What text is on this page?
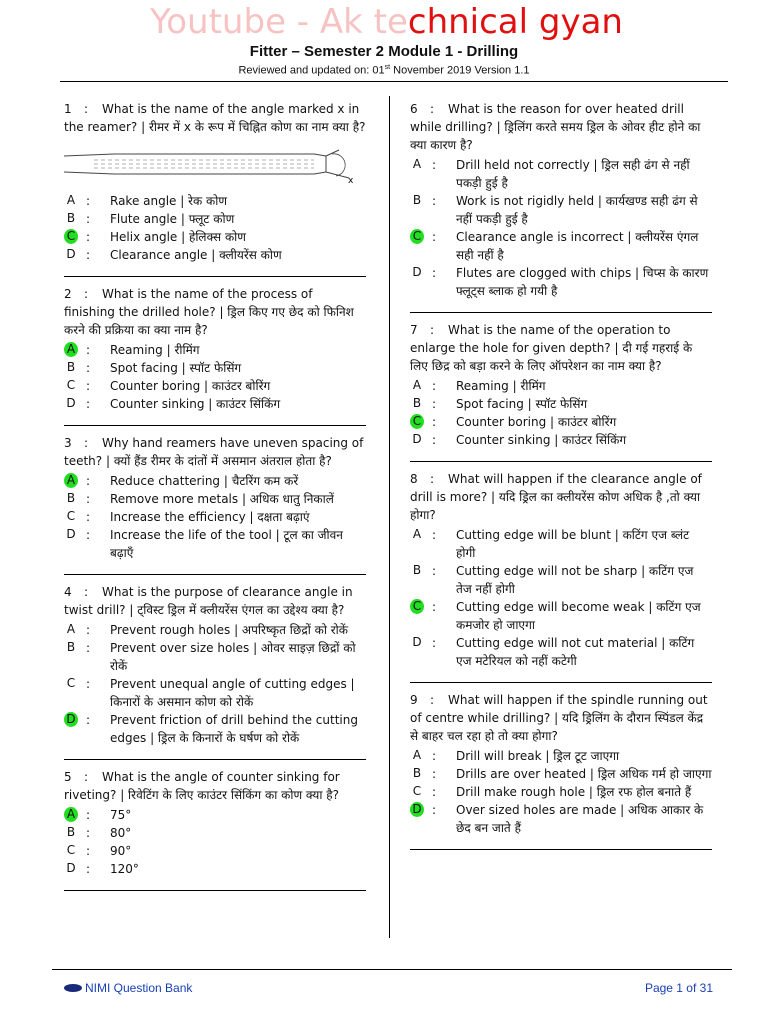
Youtube - Ak technical gyan
Fitter – Semester 2 Module 1 - Drilling
Reviewed and updated on: 01st November 2019 Version 1.1
1 : What is the name of the angle marked x in the reamer? | रीमर में x के रूप में चिह्नित कोण का नाम क्या है?
x
A :	Rake angle | रेक कोण
B :	Flute angle | फ्लूट कोण
C :	Helix angle | हेलिक्स कोण
D :	Clearance angle | क्लीयरेंस कोण
2 : What is the name of the process of finishing the drilled hole? | ड्रिल किए गए छेद को फिनिश करने की प्रक्रिया का क्या नाम है?
A :	Reaming | रीमिंग
B :	Spot facing | स्पॉट फेसिंग
C :	Counter boring | काउंटर बोरिंग
D :	Counter sinking | काउंटर सिंकिंग
3 : Why hand reamers have uneven spacing of teeth? | क्यों हैंड रीमर के दांतों में असमान अंतराल होता है?
A :	Reduce chattering | चैटरिंग कम करें
B :	Remove more metals | अधिक धातु निकालें
C :	Increase the efficiency | दक्षता बढ़ाएं
D :	Increase the life of the tool | टूल का जीवन बढ़ाएँ
4 : What is the purpose of clearance angle in twist drill? | ट्विस्ट ड्रिल में क्लीयरेंस एंगल का उद्देश्य क्या है?
A :	Prevent rough holes | अपरिष्कृत छिद्रों को रोकें
B :	Prevent over size holes | ओवर साइज़ छिद्रों को रोकें
C :	Prevent unequal angle of cutting edges | किनारों के असमान कोण को रोकें
D :	Prevent friction of drill behind the cutting edges | ड्रिल के किनारों के घर्षण को रोकें
5 : What is the angle of counter sinking for riveting? | रिवेटिंग के लिए काउंटर सिंकिंग का कोण क्या है?
A :	75°
B :	80°
C :	90°
D :	120°
6 : What is the reason for over heated drill while drilling? | ड्रिलिंग करते समय ड्रिल के ओवर हीट होने का क्या कारण है?
A :	Drill held not correctly | ड्रिल सही ढंग से नहीं पकड़ी हुई है
B :	Work is not rigidly held | कार्यखण्ड सही ढंग से नहीं पकड़ी हुई है
C :	Clearance angle is incorrect | क्लीयरेंस एंगल सही नहीं है
D :	Flutes are clogged with chips | चिप्स के कारण फ्लूट्स ब्लाक हो गयी है
7 : What is the name of the operation to enlarge the hole for given depth? | दी गई गहराई के लिए छिद्र को बड़ा करने के लिए ऑपरेशन का नाम क्या है?
A :	Reaming | रीमिंग
B :	Spot facing | स्पॉट फेसिंग
C :	Counter boring | काउंटर बोरिंग
D :	Counter sinking | काउंटर सिंकिंग
8 : What will happen if the clearance angle of drill is more? | यदि ड्रिल का क्लीयरेंस कोण अधिक है ,तो क्या होगा?
A :	Cutting edge will be blunt | कटिंग एज ब्लंट होगी
B :	Cutting edge will not be sharp | कटिंग एज तेज नहीं होगी
C :	Cutting edge will become weak | कटिंग एज कमजोर हो जाएगा
D :	Cutting edge will not cut material | कटिंग एज मटेरियल को नहीं कटेगी
9 : What will happen if the spindle running out of centre while drilling? | यदि ड्रिलिंग के दौरान स्पिंडल केंद्र से बाहर चल रहा हो तो क्या होगा?
A :	Drill will break | ड्रिल टूट जाएगा
B :	Drills are over heated | ड्रिल अधिक गर्म हो जाएगा
C :	Drill make rough hole | ड्रिल रफ होल बनाते हैं
D :	Over sized holes are made | अधिक आकार के छेद बन जाते हैं
NIMI Question Bank	Page 1 of 31
